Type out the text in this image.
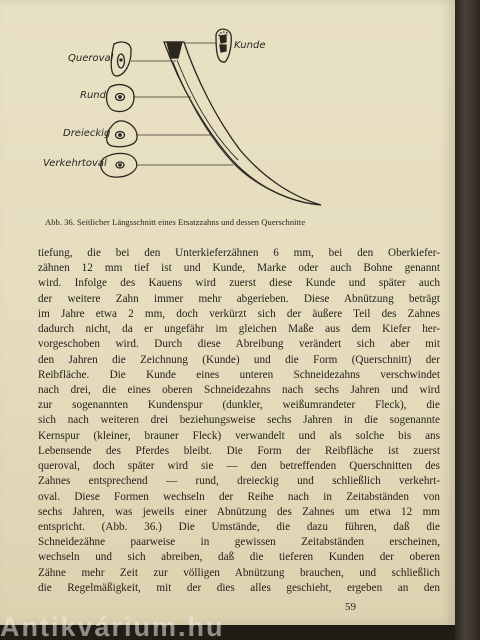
Queroval
Rund
Dreieckig
Verkehrtoval
Kunde
Abb. 36. Seitlicher Längsschnitt eines Ersatzzahns und dessen Querschnitte
tiefung, die bei den Unterkieferzähnen 6 mm, bei den Oberkiefer-
zähnen 12 mm tief ist und Kunde, Marke oder auch Bohne genannt
wird. Infolge des Kauens wird zuerst diese Kunde und später auch
der weitere Zahn immer mehr abgerieben. Diese Abnützung beträgt
im Jahre etwa 2 mm, doch verkürzt sich der äußere Teil des Zahnes
dadurch nicht, da er ungefähr im gleichen Maße aus dem Kiefer her-
vorgeschoben wird. Durch diese Abreibung verändert sich aber mit
den Jahren die Zeichnung (Kunde) und die Form (Querschnitt) der
Reibfläche. Die Kunde eines unteren Schneidezahns verschwindet
nach drei, die eines oberen Schneidezahns nach sechs Jahren und wird
zur sogenannten Kundenspur (dunkler, weißumrandeter Fleck), die
sich nach weiteren drei beziehungsweise sechs Jahren in die sogenannte
Kernspur (kleiner, brauner Fleck) verwandelt und als solche bis ans
Lebensende des Pferdes bleibt. Die Form der Reibfläche ist zuerst
queroval, doch später wird sie — den betreffenden Querschnitten des
Zahnes entsprechend — rund, dreieckig und schließlich verkehrt-
oval. Diese Formen wechseln der Reihe nach in Zeitabständen von
sechs Jahren, was jeweils einer Abnützung des Zahnes um etwa 12 mm
entspricht. (Abb. 36.) Die Umstände, die dazu führen, daß die
Schneidezähne paarweise in gewissen Zeitabständen erscheinen,
wechseln und sich abreiben, daß die tieferen Kunden der oberen
Zähne mehr Zeit zur völligen Abnützung brauchen, und schließlich
die Regelmäßigkeit, mit der dies alles geschieht, ergeben an den
59
Antikvárium.hu
